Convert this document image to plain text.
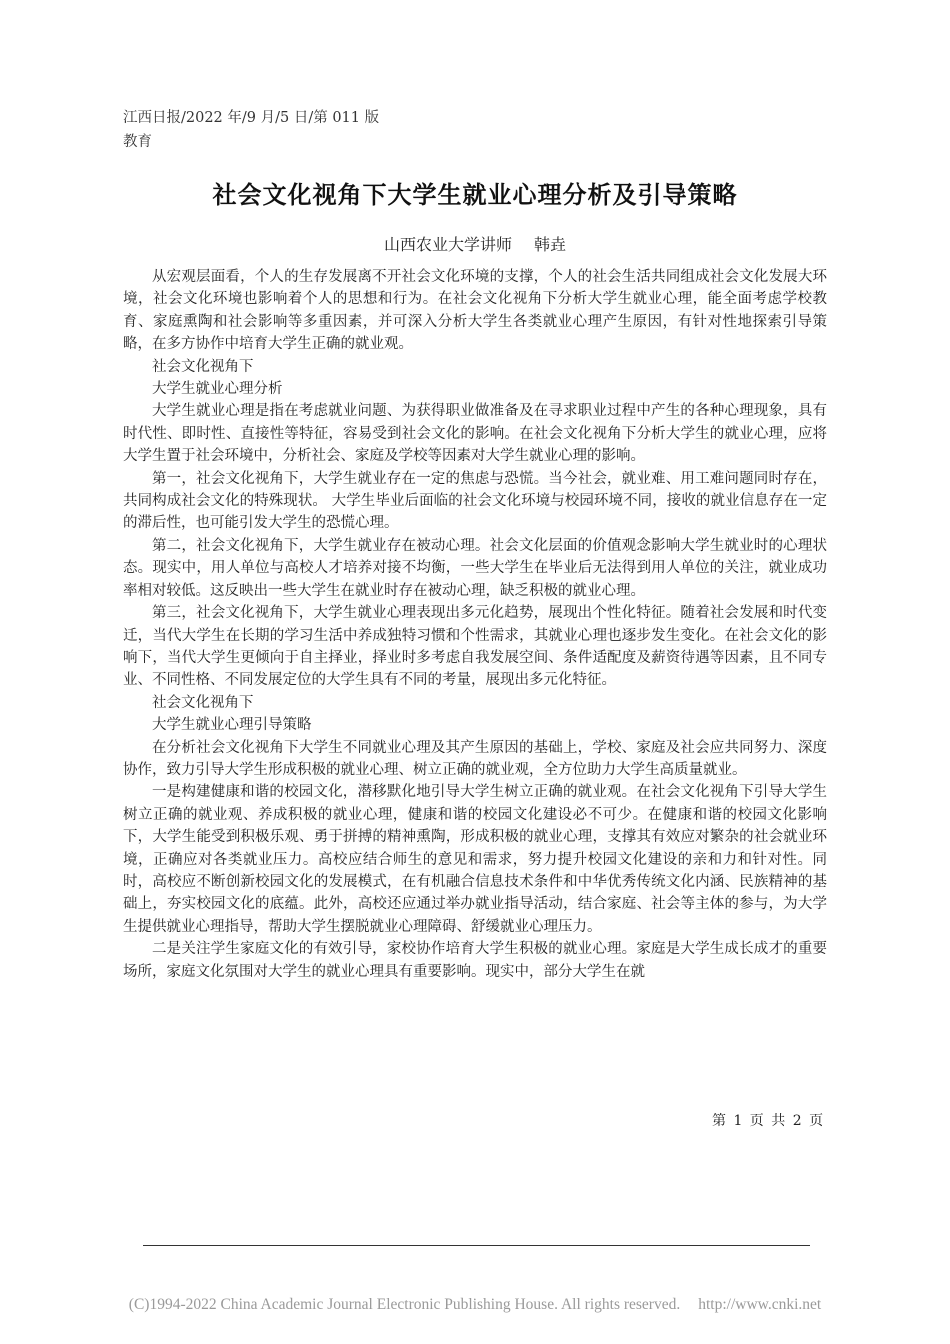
江西日报/2022 年/9 月/5 日/第 011 版教育
社会文化视角下大学生就业心理分析及引导策略
山西农业大学讲师 韩垚

从宏观层面看，个人的生存发展离不开社会文化环境的支撑，个人的社会生活共同组成社会文化发展大环境，社会文化环境也影响着个人的思想和行为。在社会文化视角下分析大学生就业心理，能全面考虑学校教育、家庭熏陶和社会影响等多重因素，并可深入分析大学生各类就业心理产生原因，有针对性地探索引导策略，在多方协作中培育大学生正确的就业观。

社会文化视角下

大学生就业心理分析

大学生就业心理是指在考虑就业问题、为获得职业做准备及在寻求职业过程中产生的各种心理现象，具有时代性、即时性、直接性等特征，容易受到社会文化的影响。在社会文化视角下分析大学生的就业心理，应将大学生置于社会环境中，分析社会、家庭及学校等因素对大学生就业心理的影响。

第一，社会文化视角下，大学生就业存在一定的焦虑与恐慌。当今社会，就业难、用工难问题同时存在， 共同构成社会文化的特殊现状。 大学生毕业后面临的社会文化环境与校园环境不同，接收的就业信息存在一定的滞后性，也可能引发大学生的恐慌心理。

第二，社会文化视角下，大学生就业存在被动心理。社会文化层面的价值观念影响大学生就业时的心理状态。现实中，用人单位与高校人才培养对接不均衡，一些大学生在毕业后无法得到用人单位的关注，就业成功率相对较低。这反映出一些大学生在就业时存在被动心理，缺乏积极的就业心理。

第三，社会文化视角下，大学生就业心理表现出多元化趋势，展现出个性化特征。随着社会发展和时代变迁，当代大学生在长期的学习生活中养成独特习惯和个性需求，其就业心理也逐步发生变化。在社会文化的影响下，当代大学生更倾向于自主择业，择业时多考虑自我发展空间、条件适配度及薪资待遇等因素，且不同专业、不同性格、不同发展定位的大学生具有不同的考量，展现出多元化特征。

社会文化视角下

大学生就业心理引导策略

在分析社会文化视角下大学生不同就业心理及其产生原因的基础上，学校、家庭及社会应共同努力、深度协作，致力引导大学生形成积极的就业心理、树立正确的就业观，全方位助力大学生高质量就业。

一是构建健康和谐的校园文化，潜移默化地引导大学生树立正确的就业观。在社会文化视角下引导大学生树立正确的就业观、养成积极的就业心理，健康和谐的校园文化建设必不可少。在健康和谐的校园文化影响下，大学生能受到积极乐观、勇于拼搏的精神熏陶，形成积极的就业心理，支撑其有效应对繁杂的社会就业环境，正确应对各类就业压力。高校应结合师生的意见和需求，努力提升校园文化建设的亲和力和针对性。同时，高校应不断创新校园文化的发展模式，在有机融合信息技术条件和中华优秀传统文化内涵、民族精神的基础上，夯实校园文化的底蕴。此外，高校还应通过举办就业指导活动，结合家庭、社会等主体的参与，为大学生提供就业心理指导，帮助大学生摆脱就业心理障碍、舒缓就业心理压力。

二是关注学生家庭文化的有效引导，家校协作培育大学生积极的就业心理。家庭是大学生成长成才的重要场所，家庭文化氛围对大学生的就业心理具有重要影响。现实中，部分大学生在就

第 1 页 共 2 页
(C)1994-2022 China Academic Journal Electronic Publishing House. All rights reserved. http://www.cnki.net
